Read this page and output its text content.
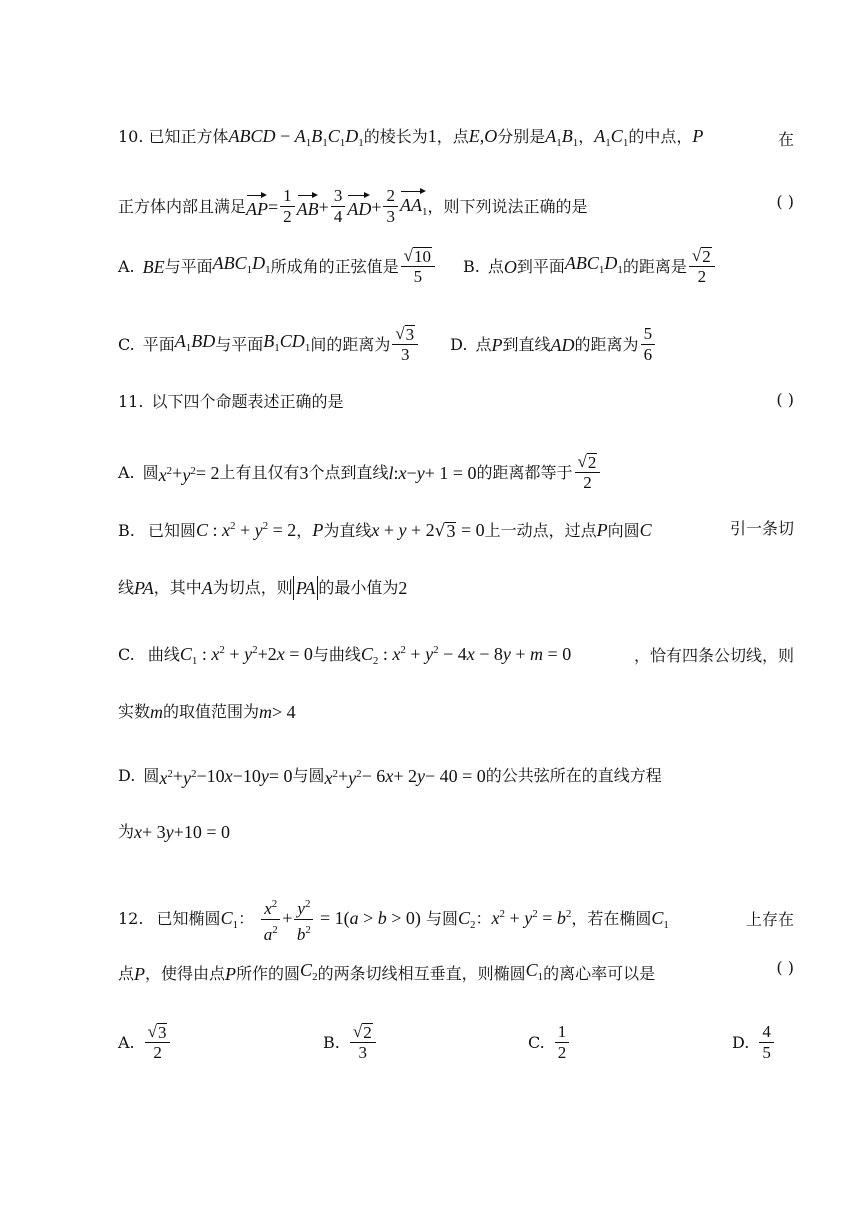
10. 已知正方体ABCD − $A_1B_1C_1D_1$的棱长为1，点E,O分别是$A_1B_1$，$A_1C_1$的中点，P	在
正方体内部且满足 AP = $\frac{1}{2}$ AB + $\frac{3}{4}$ AD + $\frac{2}{3} AA_1$ ，则下列说法正确的是	( )
A. BE 与平面 $ABC_1D_1$ 所成角的正弦值是 $\frac{√ 10}{5} B$. 点 O 到平面 $ABC_1D_1$ 的距离是 $\frac{√ 2}{2}$
C. 平面 $A_1BD$ 与平面 $B_1CD_1$ 间的距离为 $\frac{√ 3}{3} D$. 点 P 到直线 AD 的距离为 $\frac{5}{6}$
11. 以下四个命题表述正确的是	( )
A. 圆 $x^2 + y^2 = 2$ 上有且仅有 3 个点到直线 l : x − y + 1 = 0 的距离都等于 $\frac{√ 2}{2}$
B. 已知圆C : $x^2 + y^2 = 2$，P为直线x + y + 2 √ 3 = 0上一动点，过点P向圆C	引一条切
线 PA ，其中 A 为切点，则 PA 的最小值为 2
C. 曲线$C_1$ : $x^2 + y^2+2x = 0$与曲线$C_2$ : $x^2 + y^2 - 4x - 8y + m = 0$	，恰有四条公切线，则
实数 m 的取值范围为 m > 4
D. 圆 $x^2 + y^2 -10$ x −10 y = 0 与圆 $x^2 + y^2 - 6$ x + 2 y − 40 = 0 的公共弦所在的直线方程
为 x + 3 y +10 = 0
12. 已知椭圆$C_1$： $\frac{x^2}{a^2} + \frac{y^2}{b^2} = 1(a > b > 0)$ 与圆$C_2$：$x^2 + y^2 = b^2$，若在椭圆$C_1$	上存在
点 P ，使得由点 P 所作的圆 $C_2$ 的两条切线相互垂直，则椭圆 $C_1$ 的离心率可以是	( )
A. $\frac{√ 3}{2}$	B. $\frac{√ 2}{3}$	C. $\frac{1}{2}$	D. $\frac{4}{5}$
